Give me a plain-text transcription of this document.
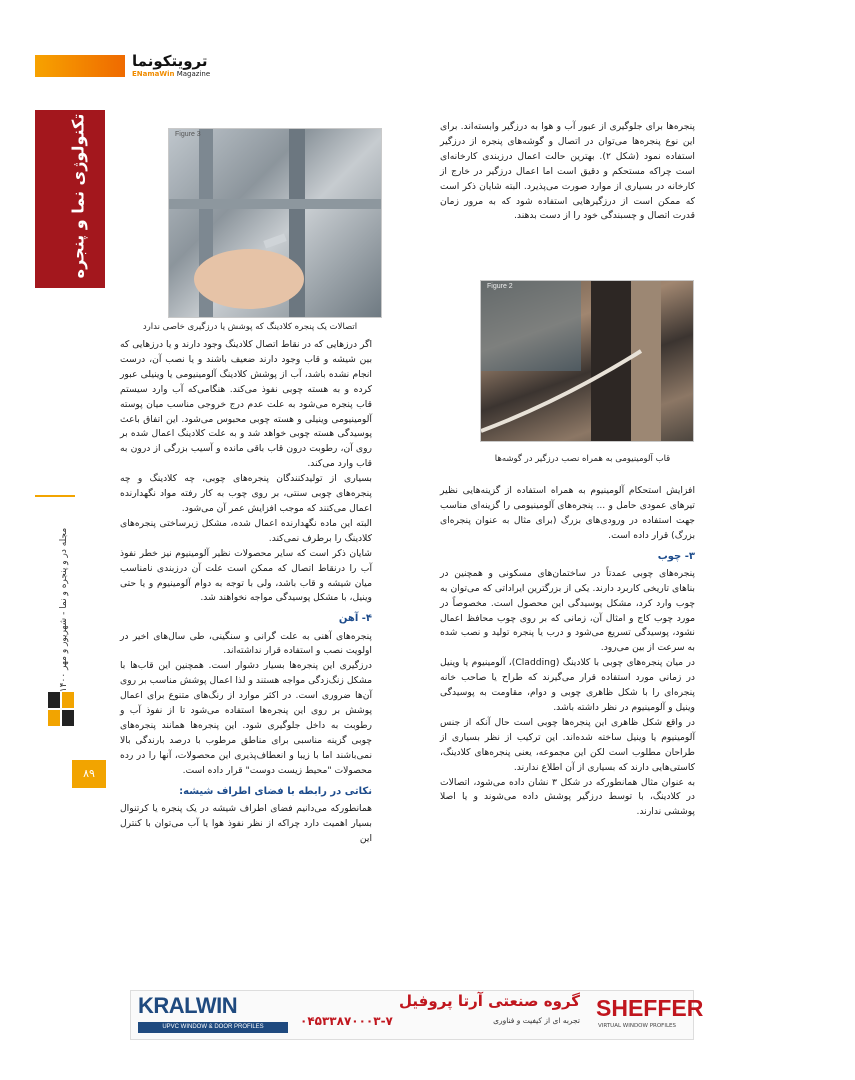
ترویتکونما
ENamaWin Magazine
تکنولوژی نما و پنجره
مجله در و پنجره و نما - شهریور و مهر ۱۴۰۰
۸۹
Figure 3
اتصالات یک پنجره کلادینگ که پوشش یا درزگیری خاصی ندارد
Figure 2
قاب آلومینیومی به همراه نصب درزگیر در گوشه‌ها

پنجره‌ها برای جلوگیری از عبور آب و هوا به درزگیر وابسته‌اند. برای این نوع پنجره‌ها می‌توان در اتصال و گوشه‌های پنجره از درزگیر استفاده نمود (شکل ۲). بهترین حالت اعمال درزبندی کارخانه‌ای است چراکه مستحکم و دقیق است اما اعمال درزگیر در خارج از کارخانه در بسیاری از موارد صورت می‌پذیرد. البته شایان ذکر است که ممکن است از درزگیرهایی استفاده شود که به مرور زمان قدرت اتصال و چسبندگی خود را از دست بدهند.

افزایش استحکام آلومینیوم به همراه استفاده از گزینه‌هایی نظیر تیرهای عمودی حامل و ... پنجره‌های آلومینیومی را گزینه‌ای مناسب جهت استفاده در ورودی‌های بزرگ (برای مثال به عنوان پنجره‌ای بزرگ) قرار داده است.

۳- چوب

پنجره‌های چوبی عمدتاً در ساختمان‌های مسکونی و همچنین در بناهای تاریخی کاربرد دارند. یکی از بزرگترین ایراداتی که می‌توان به چوب وارد کرد، مشکل پوسیدگی این محصول است. مخصوصاً در مورد چوب کاج و امثال آن، زمانی که بر روی چوب محافظ اعمال نشود، پوسیدگی تسریع می‌شود و درب یا پنجره تولید و نصب شده به سرعت از بین می‌رود.

در میان پنجره‌های چوبی با کلادینگ (Cladding)، آلومینیوم یا وینیل در زمانی مورد استفاده قرار می‌گیرند که طراح یا صاحب خانه پنجره‌ای را با شکل ظاهری چوبی و دوام، مقاومت به پوسیدگی وینیل و آلومینیوم در نظر داشته باشد.

در واقع شکل ظاهری این پنجره‌ها چوبی است حال آنکه از جنس آلومینیوم یا وینیل ساخته شده‌اند. این ترکیب از نظر بسیاری از طراحان مطلوب است لکن این مجموعه، یعنی پنجره‌های کلادینگ، کاستی‌هایی دارند که بسیاری از آن اطلاع ندارند.

به عنوان مثال همانطورکه در شکل ۳ نشان داده می‌شود، اتصالات در کلادینگ، با توسط درزگیر پوشش داده می‌شوند و یا اصلا پوششی ندارند.

اگر درزهایی که در نقاط اتصال کلادینگ وجود دارند و یا درزهایی که بین شیشه و قاب وجود دارند ضعیف باشند و یا نصب آن، درست انجام نشده باشد، آب از پوشش کلادینگ آلومینیومی یا وینیلی عبور کرده و به هسته چوبی نفوذ می‌کند. هنگامی‌که آب وارد سیستم قاب پنجره می‌شود به علت عدم درج خروجی مناسب میان پوسته آلومینیومی وینیلی و هسته چوبی محبوس می‌شود. این اتفاق باعث پوسیدگی هسته چوبی خواهد شد و به علت کلادینگ اعمال شده بر روی آن، رطوبت درون قاب باقی مانده و آسیب بزرگی از درون به قاب وارد می‌کند.

بسیاری از تولیدکنندگان پنجره‌های چوبی، چه کلادینگ و چه پنجره‌های چوبی سنتی، بر روی چوب به کار رفته مواد نگهدارنده اعمال می‌کنند که موجب افزایش عمر آن می‌شود.

البته این ماده نگهدارنده اعمال شده، مشکل زیرساختی پنجره‌های کلادینگ را برطرف نمی‌کند.

شایان ذکر است که سایر محصولات نظیر آلومینیوم نیز خطر نفوذ آب را درنقاط اتصال که ممکن است علت آن درزبندی نامناسب میان شیشه و قاب باشد، ولی با توجه به دوام آلومینیوم و یا حتی وینیل، با مشکل پوسیدگی مواجه نخواهند شد.

۴- آهن

پنجره‌های آهنی به علت گرانی و سنگینی، طی سال‌های اخیر در اولویت نصب و استفاده قرار ندا‌شته‌اند.

درزگیری این پنجره‌ها بسیار دشوار است. همچنین این قاب‌ها با مشکل زنگ‌زدگی مواجه هستند و لذا اعمال پوشش مناسب بر روی آن‌ها ضروری است. در اکثر موارد از رنگ‌های متنوع برای اعمال پوشش بر روی این پنجره‌ها استفاده می‌شود تا از نفوذ آب و رطوبت به داخل جلوگیری شود. این پنجره‌ها همانند پنجره‌های چوبی گزینه مناسبی برای مناطق مرطوب با درصد بارندگی بالا نمی‌باشند اما با زیبا و انعطاف‌پذیری این محصولات، آنها را در رده محصولات "محیط زیست دوست" قرار داده است.

نکاتی در رابطه با فضای اطراف شیشه:

همانطورکه می‌دانیم فضای اطراف شیشه در یک پنجره یا کرتنوال بسیار اهمیت دارد چراکه از نظر نفوذ هوا یا آب می‌توان با کنترل این

KRALWIN
UPVC WINDOW & DOOR PROFILES
گروه صنعتی آرتا پروفیل
تجربه ای از کیفیت و فناوری
۰۴۵۳۳۸۷۰۰۰۳-۷	SHEFFER
VIRTUAL WINDOW PROFILES
